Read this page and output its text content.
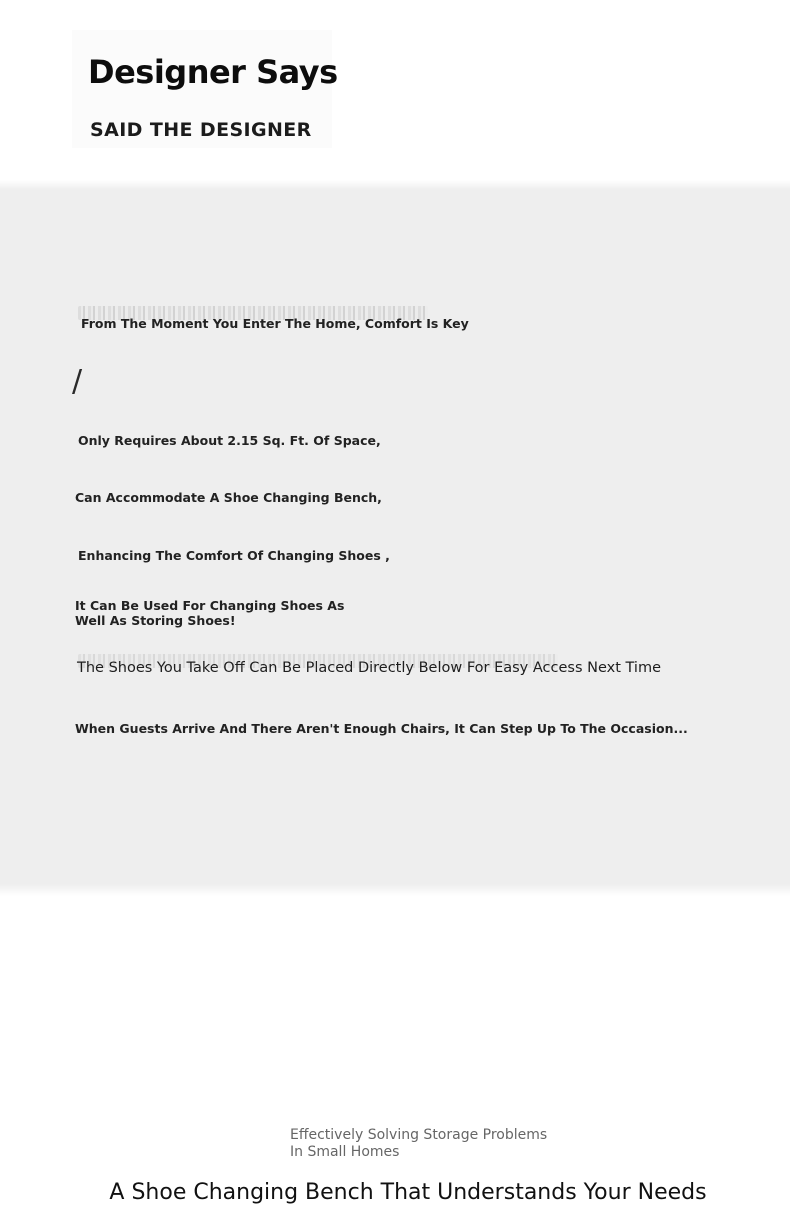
Designer Says
SAID THE DESIGNER
From The Moment You Enter The Home, Comfort Is Key
/
Only Requires About 2.15 Sq. Ft. Of Space,
Can Accommodate A Shoe Changing Bench,
Enhancing The Comfort Of Changing Shoes ,
It Can Be Used For Changing Shoes As Well As Storing Shoes!
The Shoes You Take Off Can Be Placed Directly Below For Easy Access Next Time
When Guests Arrive And There Aren't Enough Chairs, It Can Step Up To The Occasion...
Effectively Solving Storage Problems In Small Homes
A Shoe Changing Bench That Understands Your Needs
